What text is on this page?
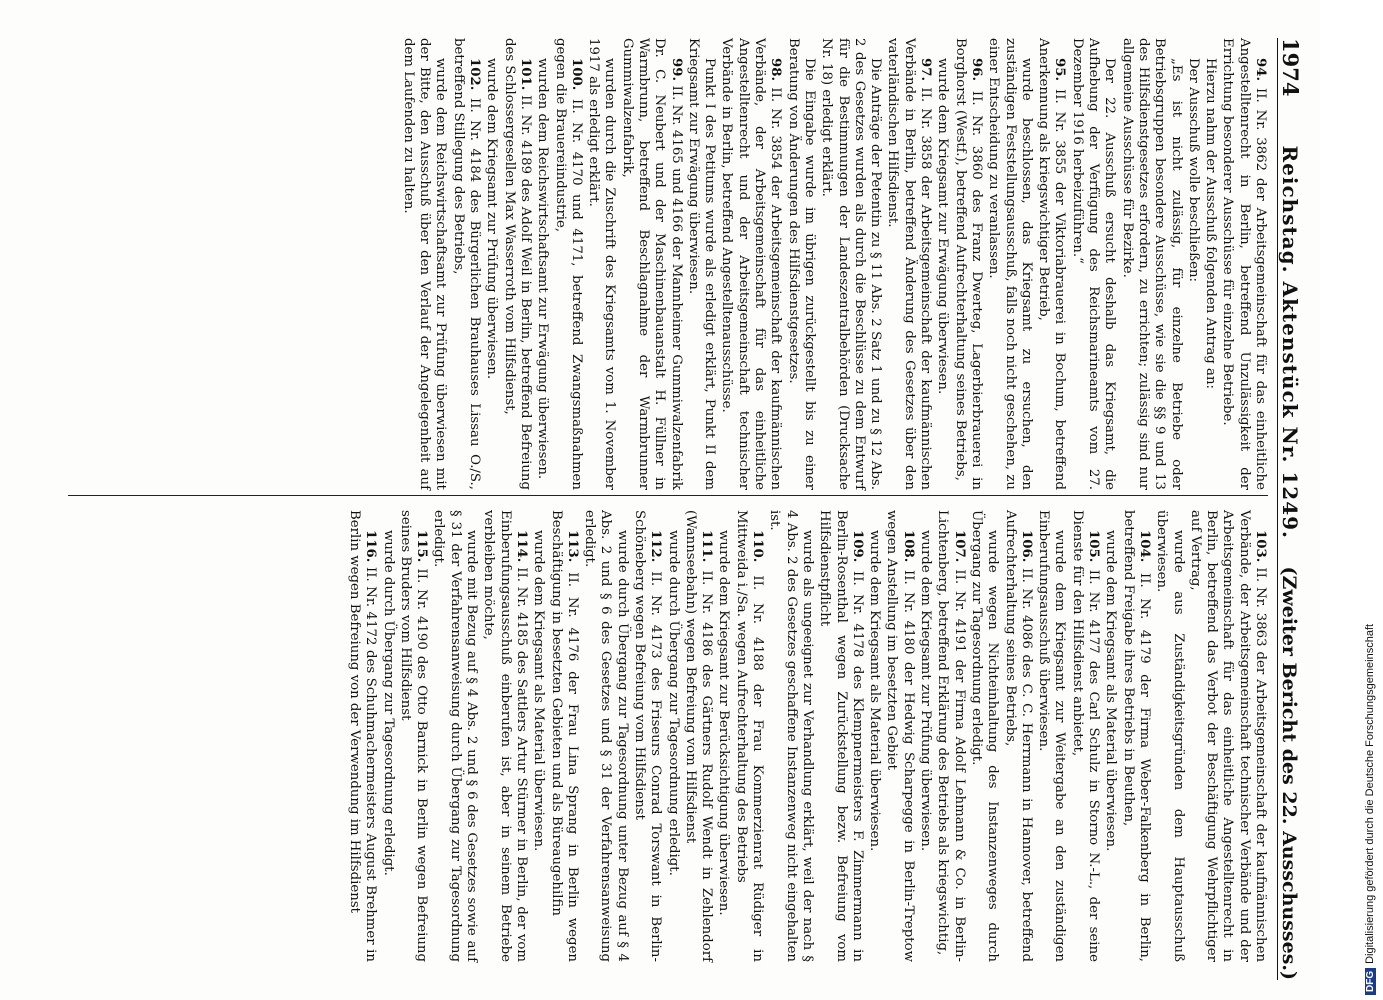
1974
Reichstag. Aktenstück Nr. 1249.
(Zweiter Bericht des 22. Ausschusses.)

94. II. Nr. 3862 der Arbeitsgemeinschaft für das einheitliche Angestelltenrecht in Berlin, betreffend Unzulässigkeit der Errichtung besonderer Ausschüsse für einzelne Betriebe.

Hierzu nahm der Ausschuß folgenden Antrag an:

Der Ausschuß wolle beschließen:

„Es ist nicht zulässig, für einzelne Betriebe oder Betriebsgruppen besondere Ausschüsse, wie sie die §§ 9 und 13 des Hilfsdienstgesetzes erfordern, zu errichten; zulässig sind nur allgemeine Ausschüsse für Bezirke.

Der 22. Ausschuß ersucht deshalb das Kriegsamt, die Aufhebung der Verfügung des Reichsmarineamts vom 27. Dezember 1916 herbeizuführen.“

95. II. Nr. 3855 der Viktoriabrauerei in Bochum, betreffend Anerkennung als kriegswichtiger Betrieb,

wurde beschlossen, das Kriegsamt zu ersuchen, den zuständigen Feststellungsausschuß, falls noch nicht geschehen, zu einer Entscheidung zu veranlassen.

96. II. Nr. 3860 des Franz Dwerteg, Lagerbierbrauerei in Borghorst (Westf.), betreffend Aufrechterhaltung seines Betriebs,

wurde dem Kriegsamt zur Erwägung überwiesen.

97. II. Nr. 3858 der Arbeitsgemeinschaft der kaufmännischen Verbände in Berlin, betreffend Änderung des Gesetzes über den vaterländischen Hilfsdienst.

Die Anträge der Petentin zu § 11 Abs. 2 Satz 1 und zu § 12 Abs. 2 des Gesetzes wurden als durch die Beschlüsse zu dem Entwurf für die Bestimmungen der Landeszentralbehörden (Drucksache Nr. 18) erledigt erklärt.

Die Eingabe wurde im übrigen zurückgestellt bis zu einer Beratung von Änderungen des Hilfsdienstgesetzes.

98. II. Nr. 3854 der Arbeitsgemeinschaft der kaufmännischen Verbände, der Arbeitsgemeinschaft für das einheitliche Angestelltenrecht und der Arbeitsgemeinschaft technischer Verbände in Berlin, betreffend Angestelltenausschüsse.

Punkt I des Petitums wurde als erledigt erklärt, Punkt II dem Kriegsamt zur Erwägung überwiesen.

99. II. Nr. 4165 und 4166 der Mannheimer Gummiwalzenfabrik Dr. C. Neubert und der Maschinenbauanstalt H. Füllner in Warmbrunn, betreffend Beschlagnahme der Warmbrunner Gummiwalzenfabrik,

wurden durch die Zuschrift des Kriegsamts vom 1. November 1917 als erledigt erklärt.

100. II. Nr. 4170 und 4171, betreffend Zwangsmaßnahmen gegen die Brauereiindustrie,

wurden dem Reichswirtschaftsamt zur Erwägung überwiesen.

101. II. Nr. 4189 des Adolf Weil in Berlin, betreffend Befreiung des Schlossergesellen Max Wasserroth vom Hilfsdienst,

wurde dem Kriegsamt zur Prüfung überwiesen.

102. II. Nr. 4184 des Bürgerlichen Brauhauses Lissau O./S., betreffend Stillegung des Betriebs,

wurde dem Reichswirtschaftsamt zur Prüfung überwiesen mit der Bitte, den Ausschuß über den Verlauf der Angelegenheit auf dem Laufenden zu halten.

103. II. Nr. 3863 der Arbeitsgemeinschaft der kaufmännischen Verbände, der Arbeitsgemeinschaft technischer Verbände und der Arbeitsgemeinschaft für das einheitliche Angestelltenrecht in Berlin, betreffend das Verbot der Beschäftigung Wehrpflichtiger auf Vertrag,

wurde aus Zuständigkeitsgründen dem Hauptausschuß überwiesen.

104. II. Nr. 4179 der Firma Weber-Falkenberg in Berlin, betreffend Freigabe ihres Betriebs in Beuthen,

wurde dem Kriegsamt als Material überwiesen.

105. II. Nr. 4177 des Carl Schulz in Storno N.-L., der seine Dienste für den Hilfsdienst anbietet,

wurde dem Kriegsamt zur Weitergabe an den zuständigen Einberufungsausschuß überwiesen.

106. II. Nr. 4086 des C. C. Herrmann in Hannover, betreffend Aufrechterhaltung seines Betriebs,

wurde wegen Nichteinhaltung des Instanzenweges durch Übergang zur Tagesordnung erledigt.

107. II. Nr. 4191 der Firma Adolf Lehmann & Co. in Berlin-Lichtenberg, betreffend Erklärung des Betriebs als kriegswichtig,

wurde dem Kriegsamt zur Prüfung überwiesen.

108. II. Nr. 4180 der Hedwig Scharpegge in Berlin-Treptow wegen Anstellung im besetzten Gebiet

wurde dem Kriegsamt als Material überwiesen.

109. II. Nr. 4178 des Klempnermeisters F. Zimmermann in Berlin-Rosenthal wegen Zurückstellung bezw. Befreiung vom Hilfsdienstpflicht

wurde als ungeeignet zur Verhandlung erklärt, weil der nach § 4 Abs. 2 des Gesetzes geschaffene Instanzenweg nicht eingehalten ist.

110. II. Nr. 4188 der Frau Kommerzienrat Rüdiger in Mittweida i./Sa. wegen Aufrechterhaltung des Betriebs

wurde dem Kriegsamt zur Berücksichtigung überwiesen.

111. II. Nr. 4186 des Gärtners Rudolf Wendt in Zehlendorf (Wannseebahn) wegen Befreiung vom Hilfsdienst

wurde durch Übergang zur Tagesordnung erledigt.

112. II. Nr. 4173 des Friseurs Conrad Torswant in Berlin-Schöneberg wegen Befreiung vom Hilfsdienst

wurde durch Übergang zur Tagesordnung unter Bezug auf § 4 Abs. 2 und § 6 des Gesetzes und § 31 der Verfahrensanweisung erledigt.

113. II. Nr. 4176 der Frau Lina Sprang in Berlin wegen Beschäftigung in besetzten Gebieten und als Büreaugehilfin

wurde dem Kriegsamt als Material überwiesen.

114. II. Nr. 4185 des Sattlers Artur Stürmer in Berlin, der vom Einberufungsausschuß einberufen ist, aber in seinem Betriebe verbleiben möchte,

wurde mit Bezug auf § 4 Abs. 2 und § 6 des Gesetzes sowie auf § 31 der Verfahrensanweisung durch Übergang zur Tagesordnung erledigt.

115. II. Nr. 4190 des Otto Barnick in Berlin wegen Befreiung seines Bruders vom Hilfsdienst

wurde durch Übergang zur Tagesordnung erledigt.

116. II. Nr. 4172 des Schuhmachermeisters August Brehmer in Berlin wegen Befreiung von der Verwendung im Hilfsdienst

DFGDigitalisierung gefördert durch die Deutsche Forschungsgemeinschaft
